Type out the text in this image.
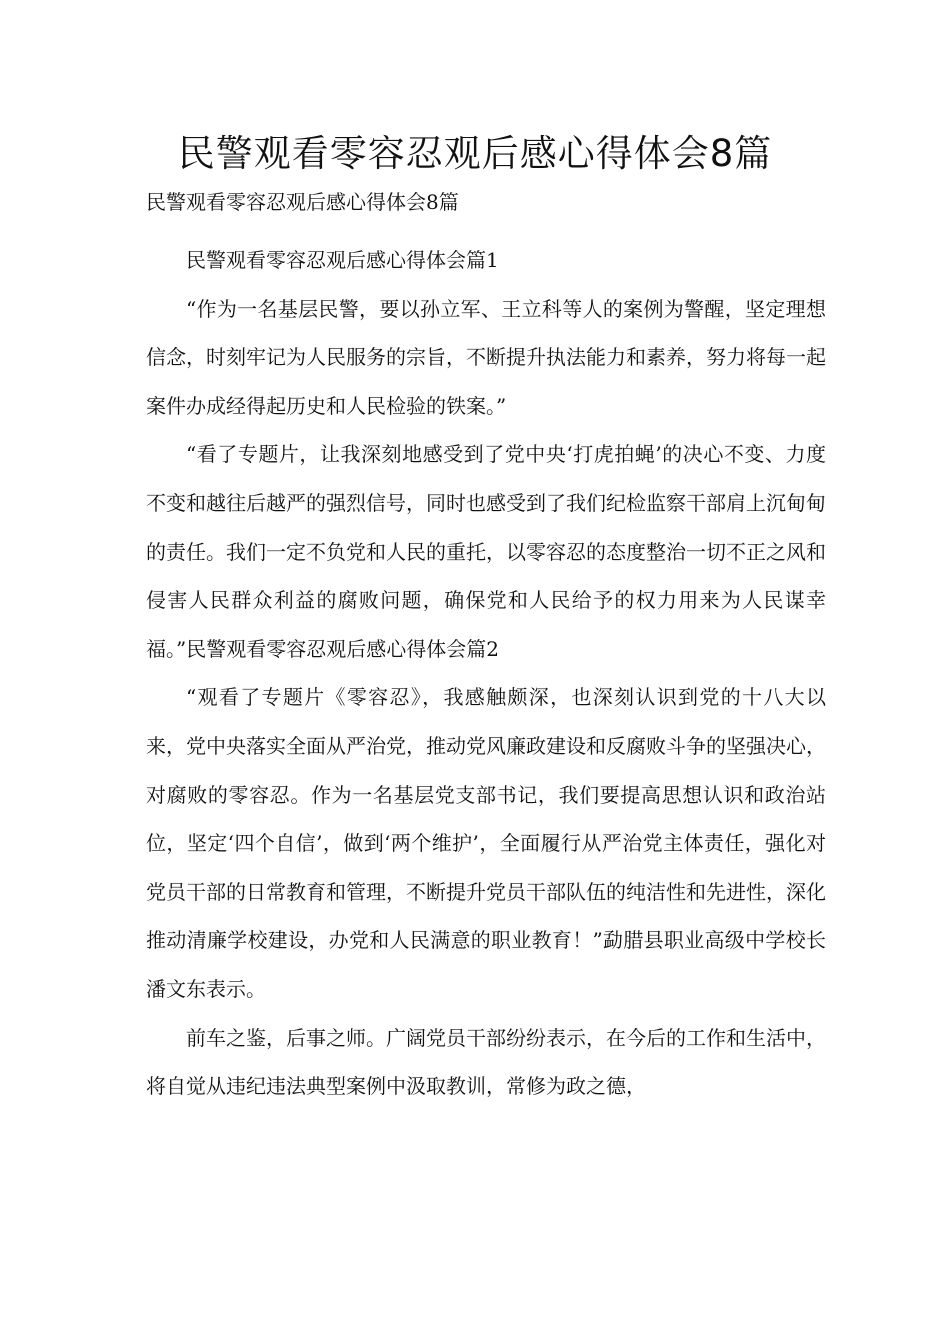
民警观看零容忍观后感心得体会8篇
民警观看零容忍观后感心得体会8篇

民警观看零容忍观后感心得体会篇1

“作为一名基层民警，要以孙立军、王立科等人的案例为警醒，坚定理想信念，时刻牢记为人民服务的宗旨，不断提升执法能力和素养，努力将每一起案件办成经得起历史和人民检验的铁案。”

“看了专题片，让我深刻地感受到了党中央‘打虎拍蝇’的决心不变、力度不变和越往后越严的强烈信号，同时也感受到了我们纪检监察干部肩上沉甸甸的责任。我们一定不负党和人民的重托，以零容忍的态度整治一切不正之风和侵害人民群众利益的腐败问题，确保党和人民给予的权力用来为人民谋幸福。”民警观看零容忍观后感心得体会篇2

“观看了专题片《零容忍》，我感触颇深，也深刻认识到党的十八大以来，党中央落实全面从严治党，推动党风廉政建设和反腐败斗争的坚强决心，对腐败的零容忍。作为一名基层党支部书记，我们要提高思想认识和政治站位，坚定‘四个自信’，做到‘两个维护’，全面履行从严治党主体责任，强化对党员干部的日常教育和管理，不断提升党员干部队伍的纯洁性和先进性，深化推动清廉学校建设，办党和人民满意的职业教育！”勐腊县职业高级中学校长潘文东表示。

前车之鉴，后事之师。广阔党员干部纷纷表示，在今后的工作和生活中，将自觉从违纪违法典型案例中汲取教训，常修为政之德，
